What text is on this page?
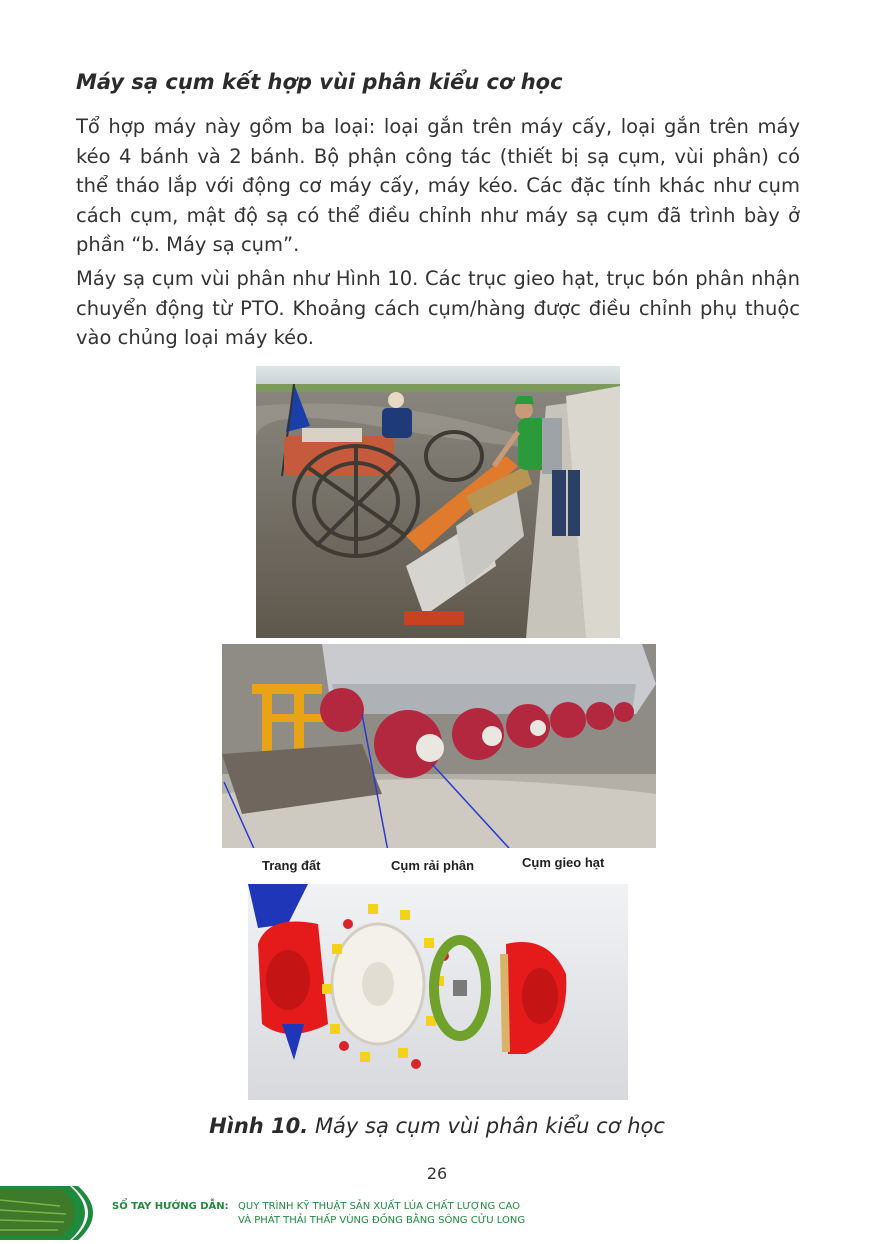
Máy sạ cụm kết hợp vùi phân kiểu cơ học

Tổ hợp máy này gồm ba loại: loại gắn trên máy cấy, loại gắn trên máy kéo 4 bánh và 2 bánh. Bộ phận công tác (thiết bị sạ cụm, vùi phân) có thể tháo lắp với động cơ máy cấy, máy kéo. Các đặc tính khác như cụm cách cụm, mật độ sạ có thể điều chỉnh như máy sạ cụm đã trình bày ở phần “b. Máy sạ cụm”.

Máy sạ cụm vùi phân như Hình 10. Các trục gieo hạt, trục bón phân nhận chuyển động từ PTO. Khoảng cách cụm/hàng được điều chỉnh phụ thuộc vào chủng loại máy kéo.

Trang đất	Cụm rải phân	Cụm gieo hạt
Hình 10. Máy sạ cụm vùi phân kiểu cơ học
26
SỔ TAY HƯỚNG DẪN: QUY TRÌNH KỸ THUẬT SẢN XUẤT LÚA CHẤT LƯỢNG CAO
VÀ PHÁT THẢI THẤP VÙNG ĐỒNG BẰNG SÔNG CỬU LONG
